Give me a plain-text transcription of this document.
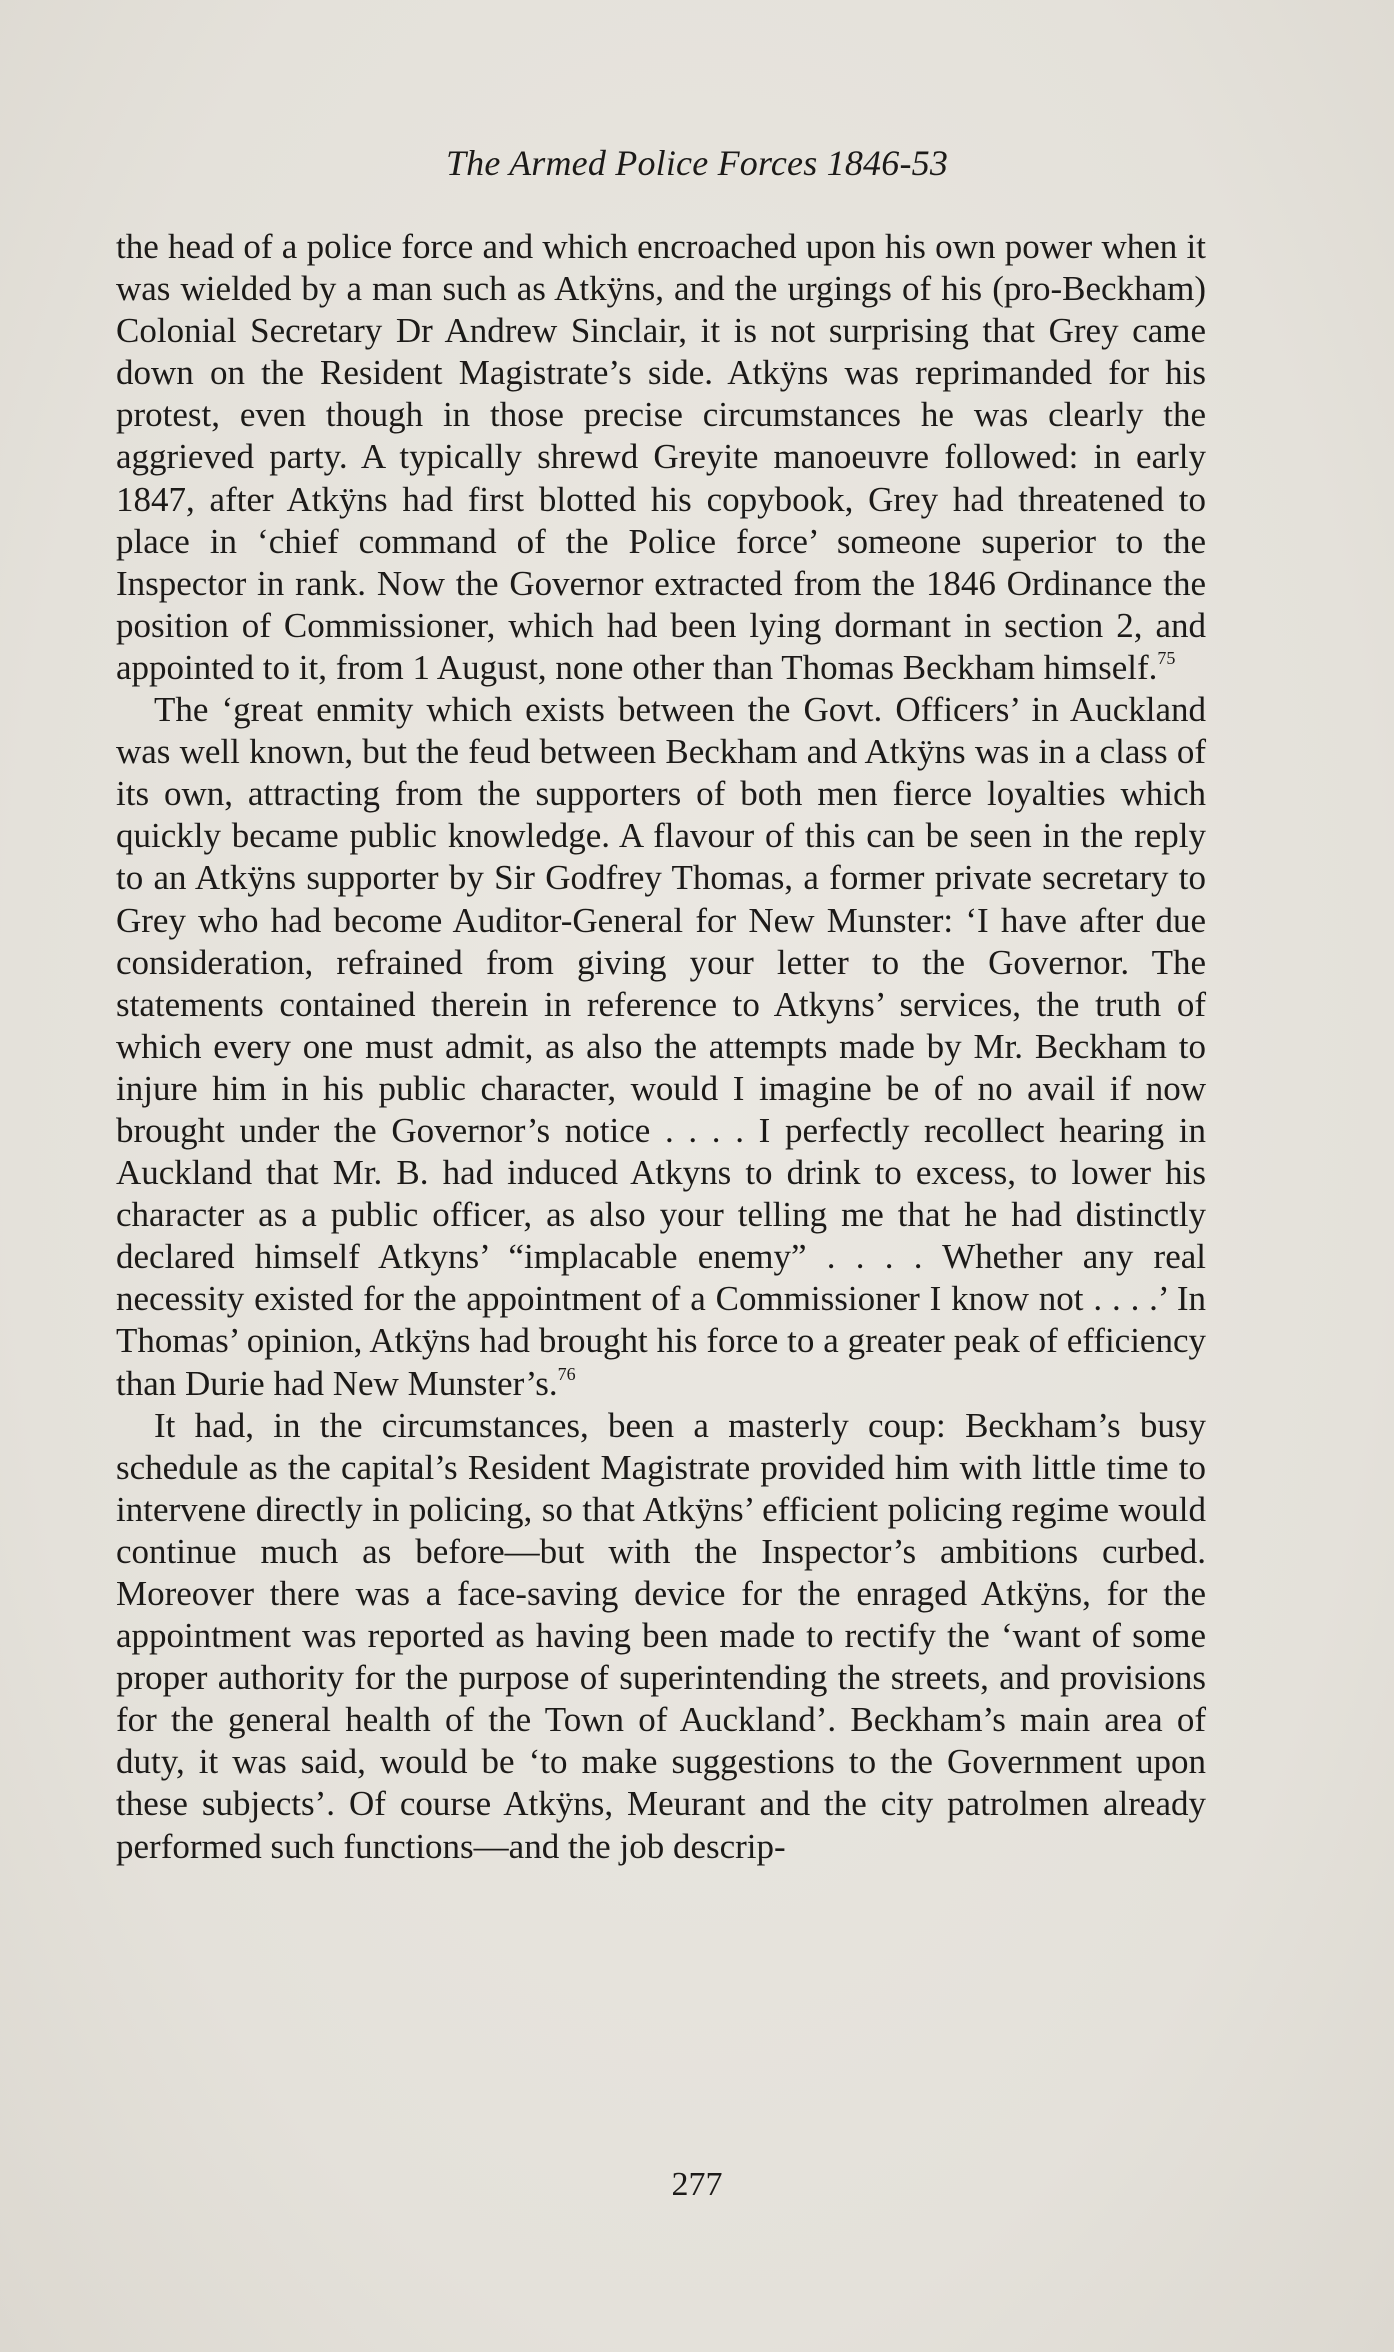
The Armed Police Forces 1846-53

the head of a police force and which encroached upon his own power when it was wielded by a man such as Atkÿns, and the urgings of his (pro-Beckham) Colonial Secretary Dr Andrew Sinclair, it is not surprising that Grey came down on the Resident Magistrate’s side. Atkÿns was reprimanded for his protest, even though in those precise circumstances he was clearly the aggrieved party. A typically shrewd Greyite manoeuvre followed: in early 1847, after Atkÿns had first blotted his copybook, Grey had threatened to place in ‘chief command of the Police force’ someone superior to the Inspector in rank. Now the Governor extracted from the 1846 Ordinance the position of Commissioner, which had been lying dormant in section 2, and appointed to it, from 1 August, none other than Thomas Beckham himself.$^{75}$

The ‘great enmity which exists between the Govt. Officers’ in Auckland was well known, but the feud between Beckham and Atkÿns was in a class of its own, attracting from the supporters of both men fierce loyalties which quickly became public knowledge. A flavour of this can be seen in the reply to an Atkÿns supporter by Sir Godfrey Thomas, a former private secretary to Grey who had become Auditor-General for New Munster: ‘I have after due consideration, refrained from giving your letter to the Governor. The statements contained therein in reference to Atkyns’ services, the truth of which every one must admit, as also the attempts made by Mr. Beckham to injure him in his public character, would I imagine be of no avail if now brought under the Governor’s notice . . . . I perfectly recollect hearing in Auckland that Mr. B. had induced Atkyns to drink to excess, to lower his character as a public officer, as also your telling me that he had distinctly declared himself Atkyns’ “implacable enemy” . . . . Whether any real necessity existed for the appointment of a Commissioner I know not . . . .’ In Thomas’ opinion, Atkÿns had brought his force to a greater peak of efficiency than Durie had New Munster’s.$^{76}$

It had, in the circumstances, been a masterly coup: Beckham’s busy schedule as the capital’s Resident Magistrate provided him with little time to intervene directly in policing, so that Atkÿns’ efficient policing regime would continue much as before—but with the Inspector’s ambitions curbed. Moreover there was a face-saving device for the enraged Atkÿns, for the appointment was reported as having been made to rectify the ‘want of some proper authority for the purpose of superintending the streets, and provisions for the general health of the Town of Auckland’. Beckham’s main area of duty, it was said, would be ‘to make suggestions to the Government upon these subjects’. Of course Atkÿns, Meurant and the city patrolmen already performed such functions—and the job descrip-

277
